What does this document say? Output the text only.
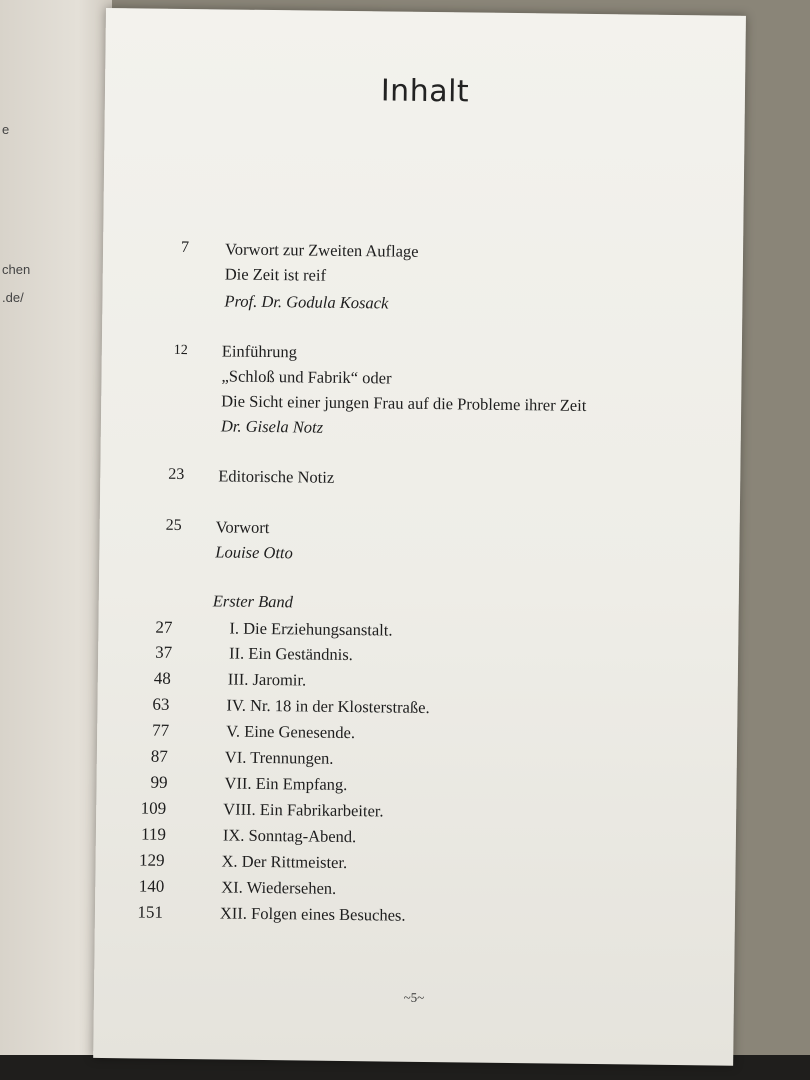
e
chen
.de/
Inhalt
7 Vorwort zur Zweiten Auflage
Die Zeit ist reif
Prof. Dr. Godula Kosack
12 Einführung
„Schloß und Fabrik“ oder
Die Sicht einer jungen Frau auf die Probleme ihrer Zeit
Dr. Gisela Notz
23 Editorische Notiz
25 Vorwort
Louise Otto
Erster Band
27	I. Die Erziehungsanstalt.
37	II. Ein Geständnis.
48	III. Jaromir.
63	IV. Nr. 18 in der Klosterstraße.
77	V. Eine Genesende.
87	VI. Trennungen.
99	VII. Ein Empfang.
109	VIII. Ein Fabrikarbeiter.
119	IX. Sonntag-Abend.
129	X. Der Rittmeister.
140	XI. Wiedersehen.
151	XII. Folgen eines Besuches.
~5~
